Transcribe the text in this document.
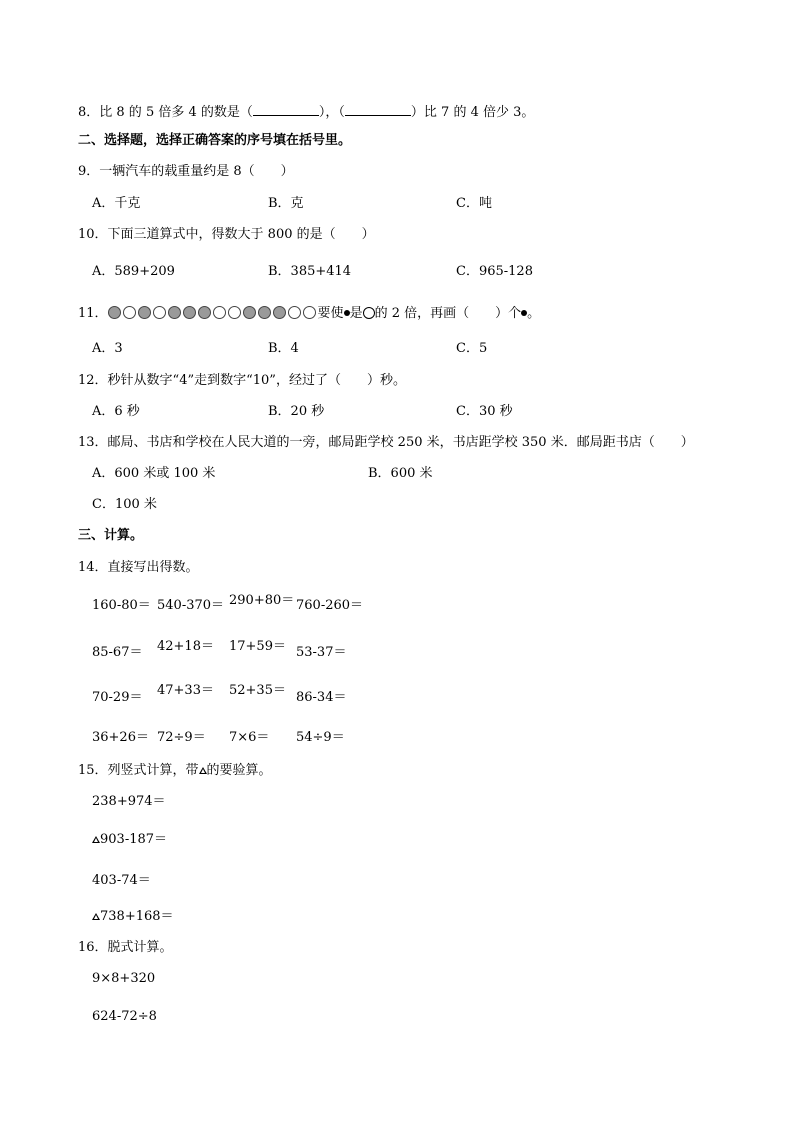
8．比 8 的 5 倍多 4 的数是（	），（	）比 7 的 4 倍少 3。
二、选择题，选择正确答案的序号填在括号里。
9．一辆汽车的载重量约是 8（　　）
A．千克	B．克	C．吨
10．下面三道算式中，得数大于 800 的是（　　）
A．589+209	B．385+414	C．965-128
11．	要使 是 的 2 倍，再画（　　）个 。
A．3	B．4	C．5
12．秒针从数字“4”走到数字“10”，经过了（　　）秒。
A．6 秒	B．20 秒	C．30 秒
13．邮局、书店和学校在人民大道的一旁，邮局距学校 250 米，书店距学校 350 米．邮局距书店（　　）
A．600 米或 100 米	B．600 米
C．100 米
三、计算。
14．直接写出得数。
160-80＝ 540-370＝ 290+80＝ 760-260＝
85-67＝ 42+18＝ 17+59＝ 53-37＝
70-29＝ 47+33＝ 52+35＝ 86-34＝
36+26＝ 72÷9＝ 7×6＝ 54÷9＝
15．列竖式计算，带 的要验算。
238+974＝
903-187＝
403-74＝
738+168＝
16．脱式计算。
9×8+320
624-72÷8
